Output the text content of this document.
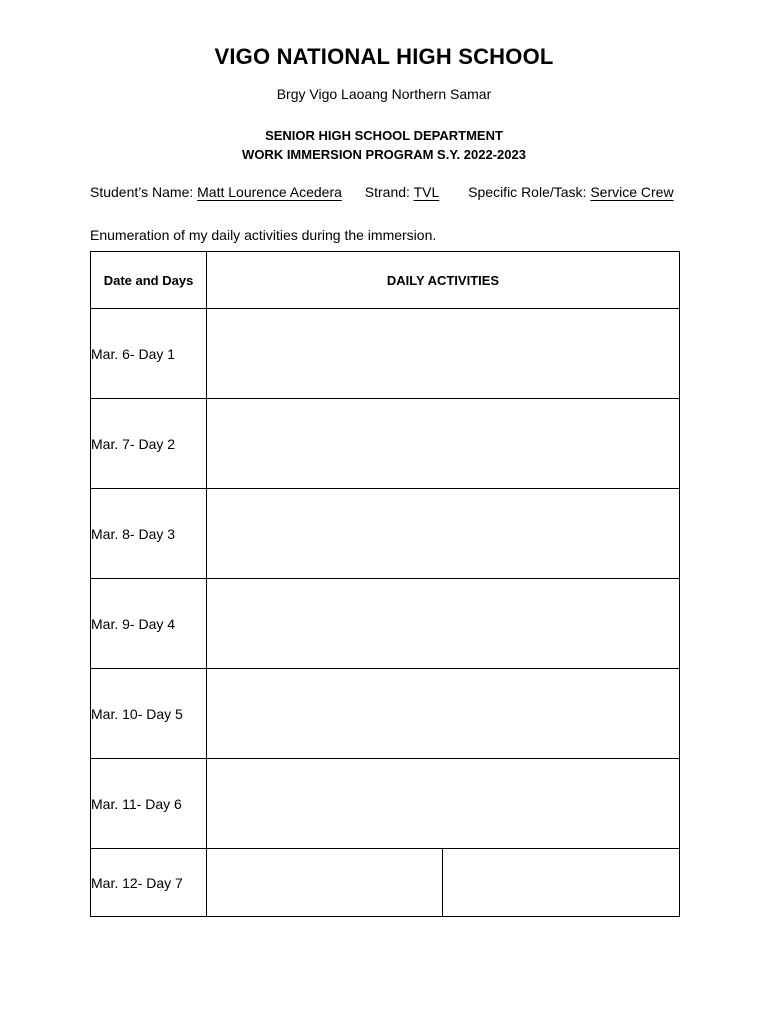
VIGO NATIONAL HIGH SCHOOL
Brgy Vigo Laoang Northern Samar
SENIOR HIGH SCHOOL DEPARTMENT
WORK IMMERSION PROGRAM S.Y. 2022-2023
Student’s Name: Matt Lourence Acedera Strand: TVL Specific Role/Task: Service Crew
Enumeration of my daily activities during the immersion.
Date and Days	DAILY ACTIVITIES	
Mar. 6- Day 1		
Mar. 7- Day 2		
Mar. 8- Day 3		
Mar. 9- Day 4		
Mar. 10- Day 5		
Mar. 11- Day 6		
Mar. 12- Day 7		
